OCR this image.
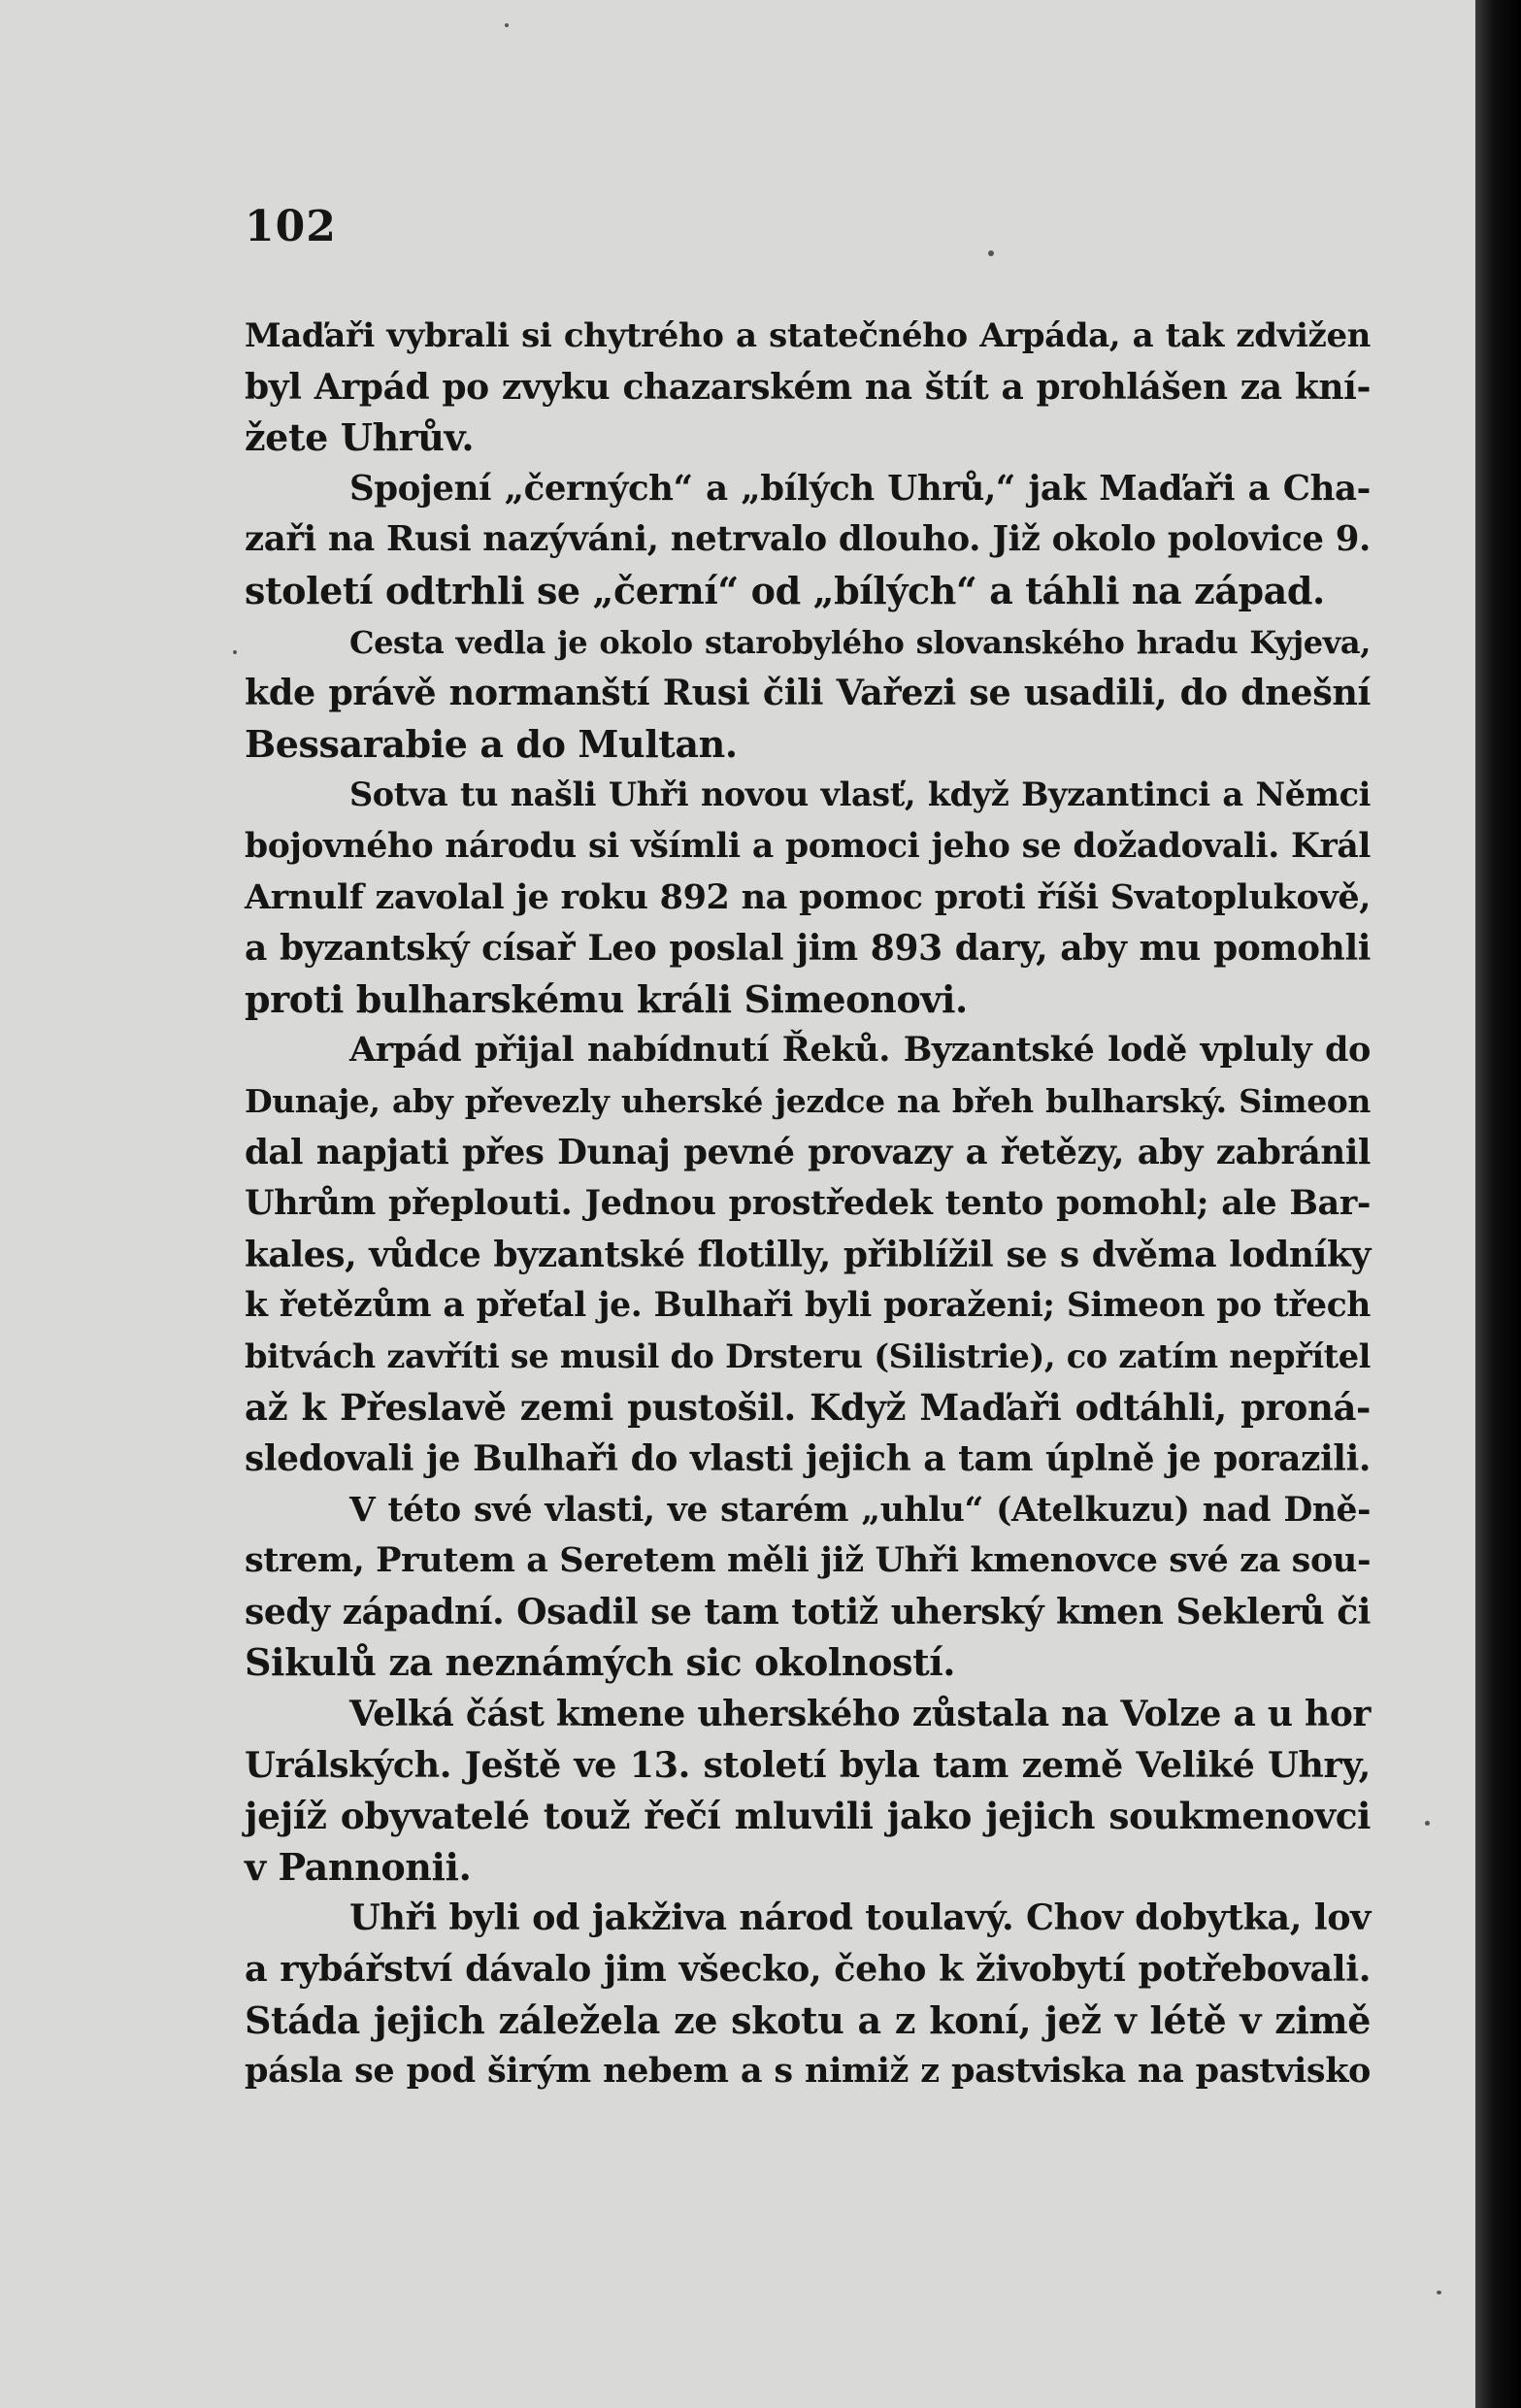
102
Maďaři vybrali si chytrého a statečného Arpáda, a tak zdvižen
byl Arpád po zvyku chazarském na štít a prohlášen za kní-
žete Uhrův.
Spojení „černých“ a „bílých Uhrů,“ jak Maďaři a Cha-
zaři na Rusi nazýváni, netrvalo dlouho. Již okolo polovice 9.
století odtrhli se „černí“ od „bílých“ a táhli na západ.
Cesta vedla je okolo starobylého slovanského hradu Kyjeva,
kde právě normanští Rusi čili Vařezi se usadili, do dnešní
Bessarabie a do Multan.
Sotva tu našli Uhři novou vlasť, když Byzantinci a Němci
bojovného národu si všímli a pomoci jeho se dožadovali. Král
Arnulf zavolal je roku 892 na pomoc proti říši Svatoplukově,
a byzantský císař Leo poslal jim 893 dary, aby mu pomohli
proti bulharskému králi Simeonovi.
Arpád přijal nabídnutí Řeků. Byzantské lodě vpluly do
Dunaje, aby převezly uherské jezdce na břeh bulharský. Simeon
dal napjati přes Dunaj pevné provazy a řetězy, aby zabránil
Uhrům přeplouti. Jednou prostředek tento pomohl; ale Bar-
kales, vůdce byzantské flotilly, přiblížil se s dvěma lodníky
k řetězům a přeťal je. Bulhaři byli poraženi; Simeon po třech
bitvách zavříti se musil do Drsteru (Silistrie), co zatím nepřítel
až k Přeslavě zemi pustošil. Když Maďaři odtáhli, proná-
sledovali je Bulhaři do vlasti jejich a tam úplně je porazili.
V této své vlasti, ve starém „uhlu“ (Atelkuzu) nad Dně-
strem, Prutem a Seretem měli již Uhři kmenovce své za sou-
sedy západní. Osadil se tam totiž uherský kmen Seklerů či
Sikulů za neznámých sic okolností.
Velká část kmene uherského zůstala na Volze a u hor
Urálských. Ještě ve 13. století byla tam země Veliké Uhry,
jejíž obyvatelé touž řečí mluvili jako jejich soukmenovci
v Pannonii.
Uhři byli od jakživa národ toulavý. Chov dobytka, lov
a rybářství dávalo jim všecko, čeho k živobytí potřebovali.
Stáda jejich záležela ze skotu a z koní, jež v létě v zimě
pásla se pod širým nebem a s nimiž z pastviska na pastvisko
